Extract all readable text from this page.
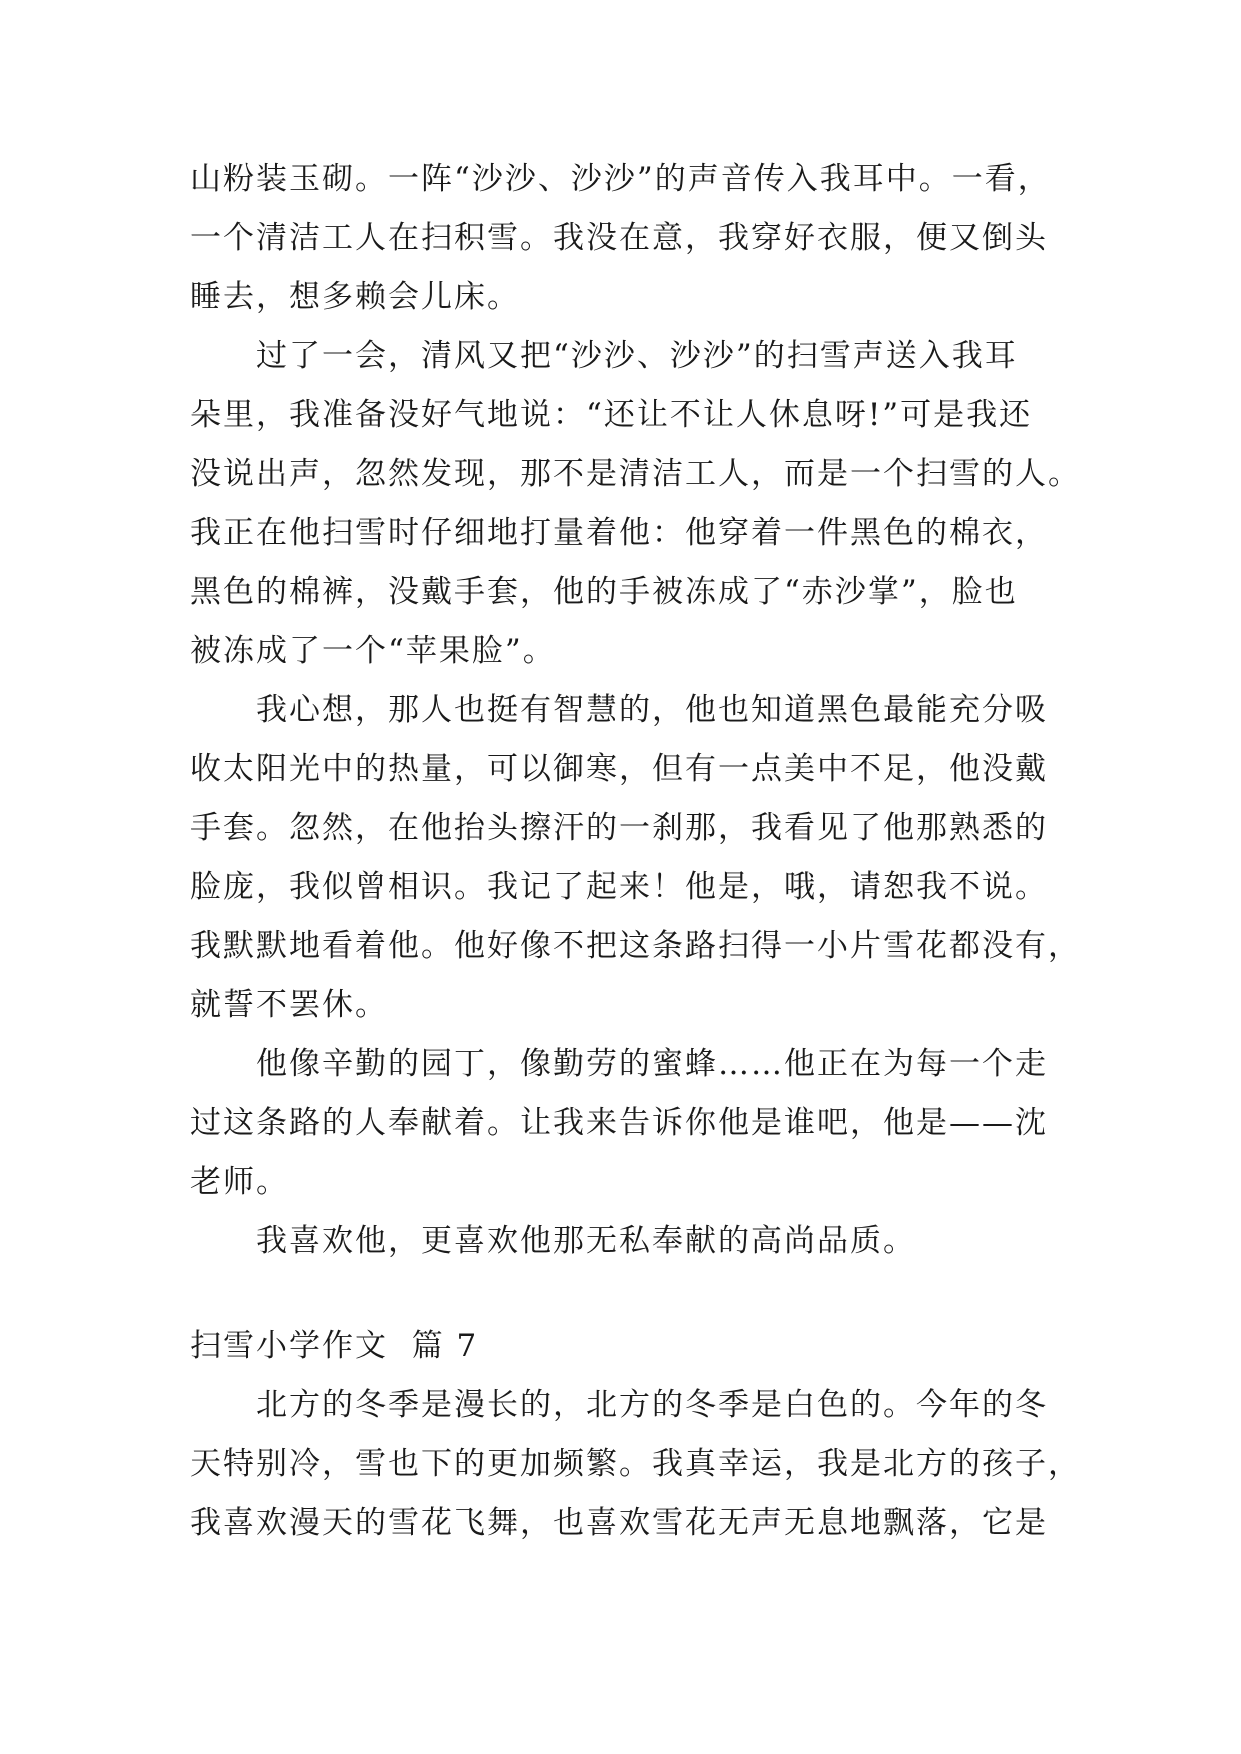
山粉装玉砌。一阵“沙沙、沙沙”的声音传入我耳中。一看，
一个清洁工人在扫积雪。我没在意，我穿好衣服，便又倒头
睡去，想多赖会儿床。

过了一会，清风又把“沙沙、沙沙”的扫雪声送入我耳
朵里，我准备没好气地说：“还让不让人休息呀!”可是我还
没说出声，忽然发现，那不是清洁工人，而是一个扫雪的人。
我正在他扫雪时仔细地打量着他：他穿着一件黑色的棉衣，
黑色的棉裤，没戴手套，他的手被冻成了“赤沙掌”，脸也
被冻成了一个“苹果脸”。

我心想，那人也挺有智慧的，他也知道黑色最能充分吸
收太阳光中的热量，可以御寒，但有一点美中不足，他没戴
手套。忽然，在他抬头擦汗的一刹那，我看见了他那熟悉的
脸庞，我似曾相识。我记了起来！他是，哦，请恕我不说。
我默默地看着他。他好像不把这条路扫得一小片雪花都没有，
就誓不罢休。

他像辛勤的园丁，像勤劳的蜜蜂……他正在为每一个走
过这条路的人奉献着。让我来告诉你他是谁吧，他是——沈
老师。

我喜欢他，更喜欢他那无私奉献的高尚品质。

扫雪小学作文  篇 7

北方的冬季是漫长的，北方的冬季是白色的。今年的冬
天特别冷，雪也下的更加频繁。我真幸运，我是北方的孩子，
我喜欢漫天的雪花飞舞，也喜欢雪花无声无息地飘落，它是
